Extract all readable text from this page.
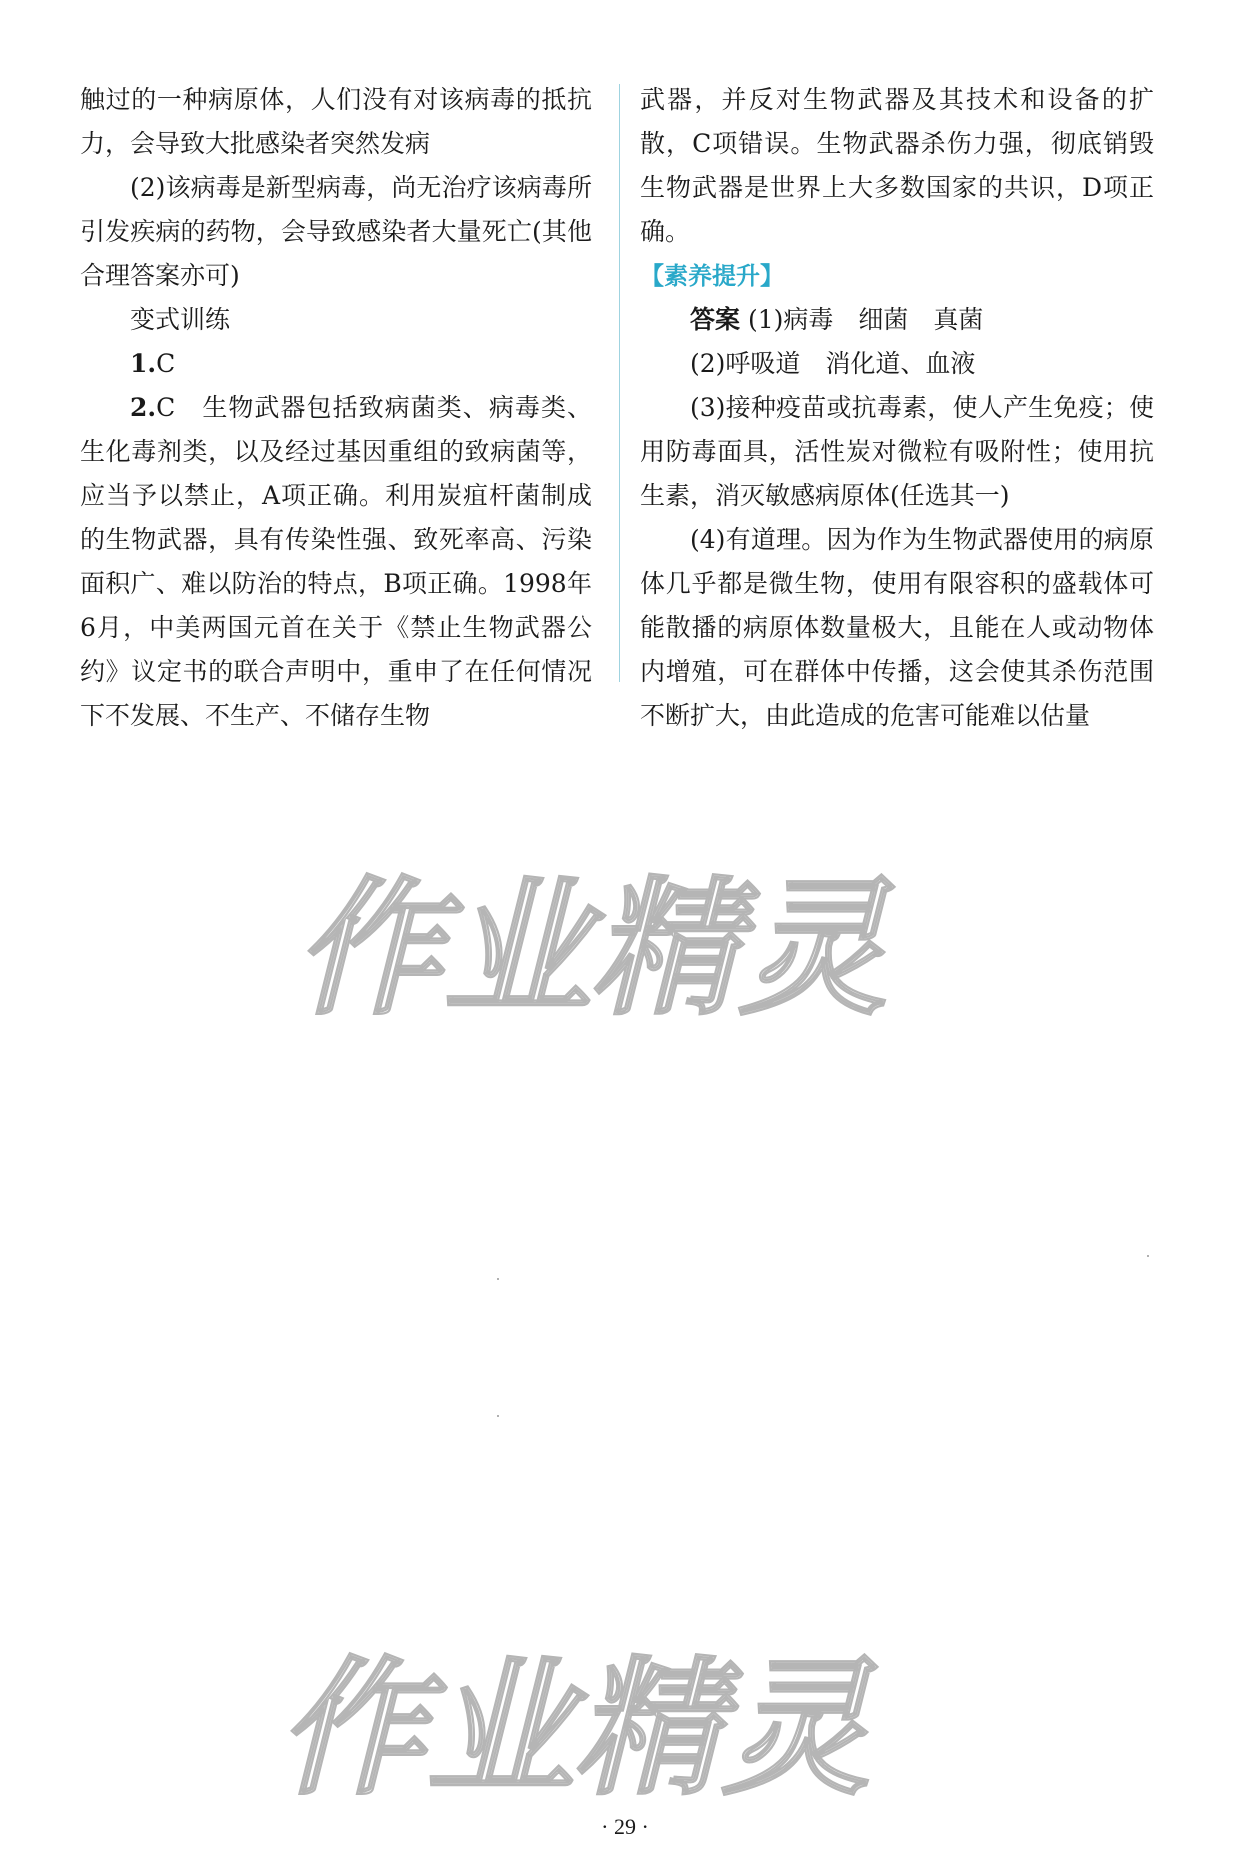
触过的一种病原体，人们没有对该病毒的抵抗力，会导致大批感染者突然发病

(2)该病毒是新型病毒，尚无治疗该病毒所引发疾病的药物，会导致感染者大量死亡(其他合理答案亦可)

变式训练

1.C

2.C　生物武器包括致病菌类、病毒类、生化毒剂类，以及经过基因重组的致病菌等，应当予以禁止，A项正确。利用炭疽杆菌制成的生物武器，具有传染性强、致死率高、污染面积广、难以防治的特点，B项正确。1998年6月，中美两国元首在关于《禁止生物武器公约》议定书的联合声明中，重申了在任何情况下不发展、不生产、不储存生物

武器，并反对生物武器及其技术和设备的扩散，C项错误。生物武器杀伤力强，彻底销毁生物武器是世界上大多数国家的共识，D项正确。

【素养提升】

答案 (1)病毒　细菌　真菌

(2)呼吸道　消化道、血液

(3)接种疫苗或抗毒素，使人产生免疫；使用防毒面具，活性炭对微粒有吸附性；使用抗生素，消灭敏感病原体(任选其一)

(4)有道理。因为作为生物武器使用的病原体几乎都是微生物，使用有限容积的盛载体可能散播的病原体数量极大，且能在人或动物体内增殖，可在群体中传播，这会使其杀伤范围不断扩大，由此造成的危害可能难以估量

作业精灵
作业精灵
· 29 ·
